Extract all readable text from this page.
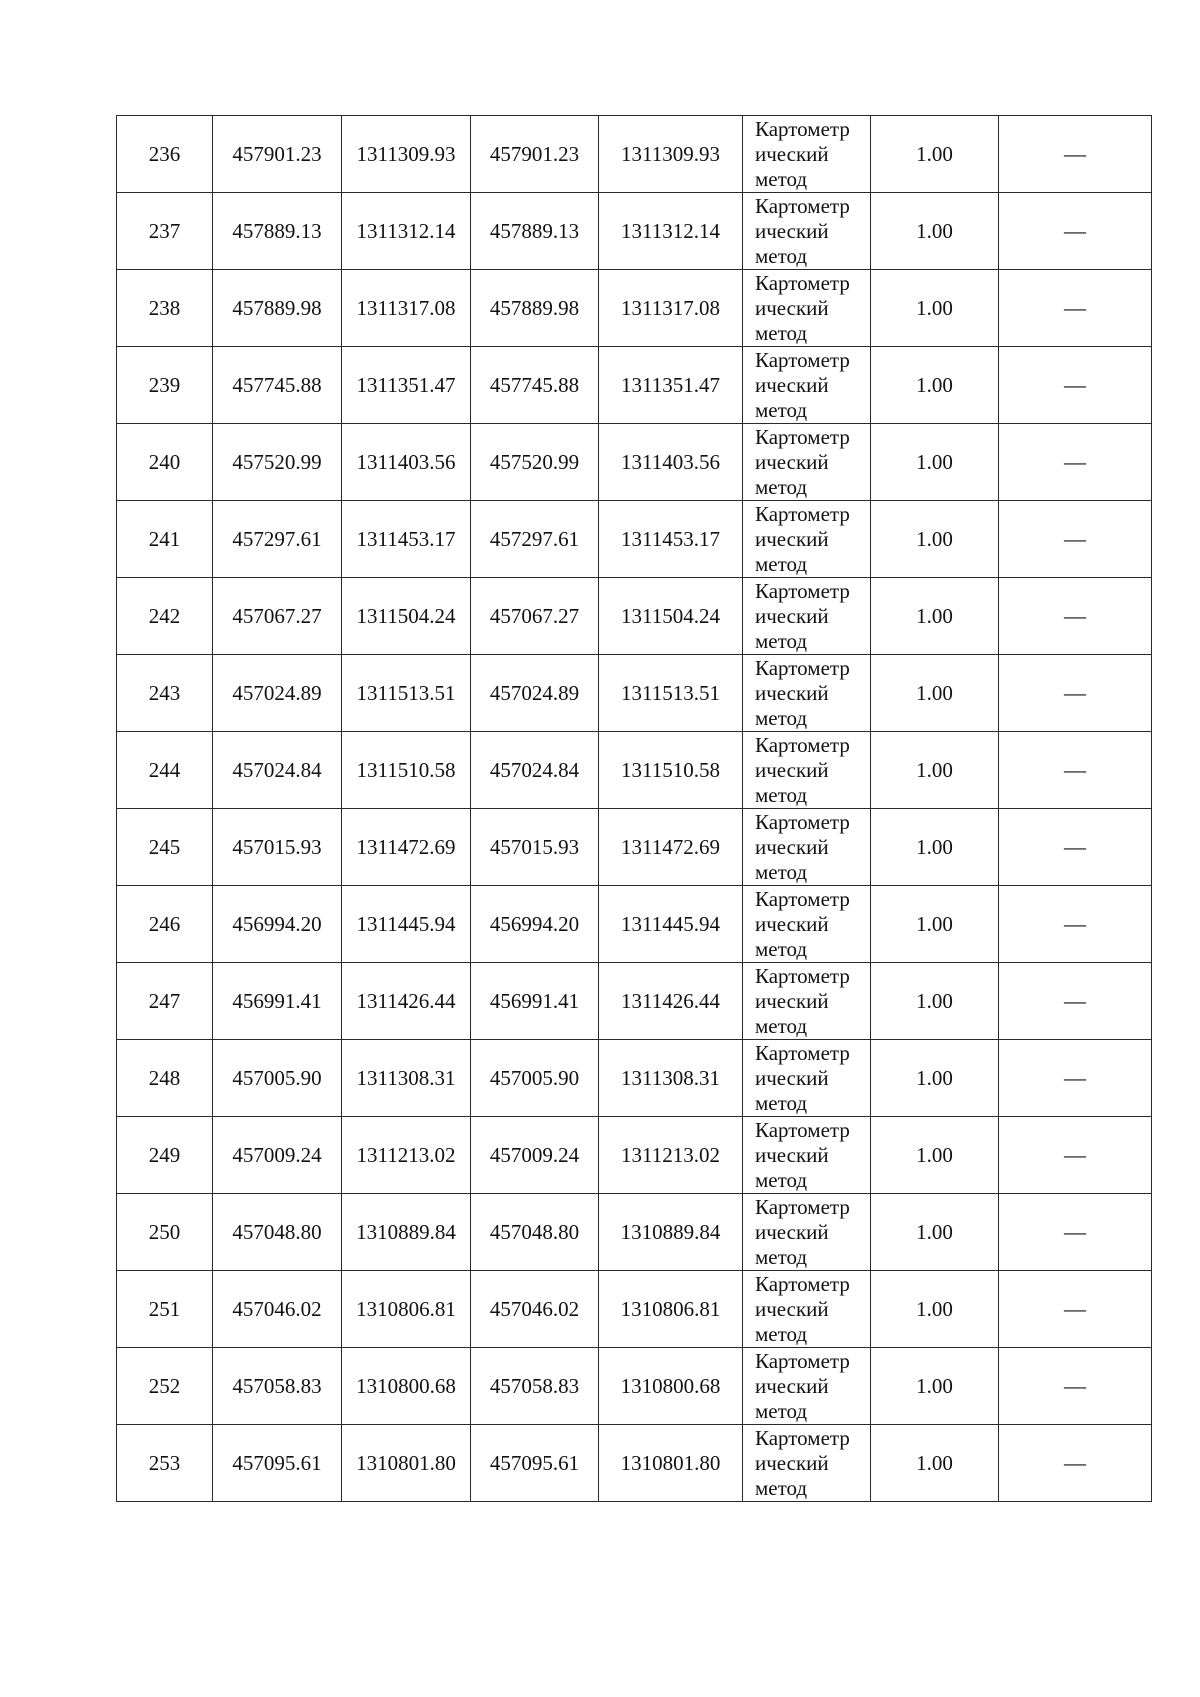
236	457901.23	1311309.93	457901.23	1311309.93	Картометр
ический
метод	1.00	—
237	457889.13	1311312.14	457889.13	1311312.14	Картометр
ический
метод	1.00	—
238	457889.98	1311317.08	457889.98	1311317.08	Картометр
ический
метод	1.00	—
239	457745.88	1311351.47	457745.88	1311351.47	Картометр
ический
метод	1.00	—
240	457520.99	1311403.56	457520.99	1311403.56	Картометр
ический
метод	1.00	—
241	457297.61	1311453.17	457297.61	1311453.17	Картометр
ический
метод	1.00	—
242	457067.27	1311504.24	457067.27	1311504.24	Картометр
ический
метод	1.00	—
243	457024.89	1311513.51	457024.89	1311513.51	Картометр
ический
метод	1.00	—
244	457024.84	1311510.58	457024.84	1311510.58	Картометр
ический
метод	1.00	—
245	457015.93	1311472.69	457015.93	1311472.69	Картометр
ический
метод	1.00	—
246	456994.20	1311445.94	456994.20	1311445.94	Картометр
ический
метод	1.00	—
247	456991.41	1311426.44	456991.41	1311426.44	Картометр
ический
метод	1.00	—
248	457005.90	1311308.31	457005.90	1311308.31	Картометр
ический
метод	1.00	—
249	457009.24	1311213.02	457009.24	1311213.02	Картометр
ический
метод	1.00	—
250	457048.80	1310889.84	457048.80	1310889.84	Картометр
ический
метод	1.00	—
251	457046.02	1310806.81	457046.02	1310806.81	Картометр
ический
метод	1.00	—
252	457058.83	1310800.68	457058.83	1310800.68	Картометр
ический
метод	1.00	—
253	457095.61	1310801.80	457095.61	1310801.80	Картометр
ический
метод	1.00	—
